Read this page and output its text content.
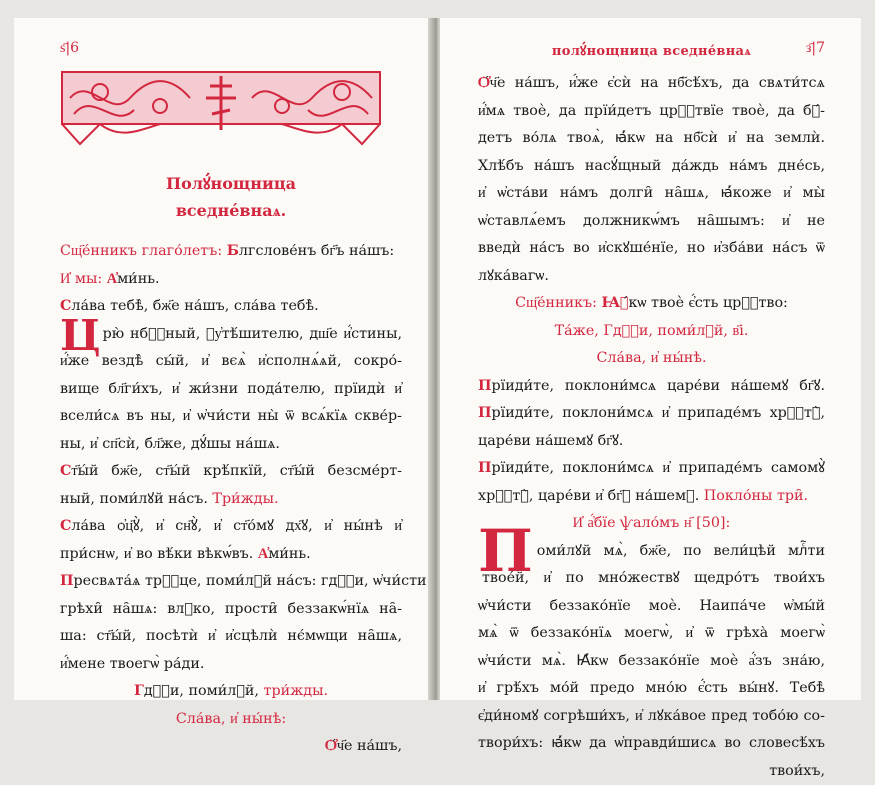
ѕ҃|6
Полꙋ́нощница
вседне́внаѧ.
Сщ҃е́нникъ глаго́летъ: Блгcлове́нъ бг҃ъ на́шъ:
И҆ мы: А҆ми́нь.
Сла́ва тебѣ̀, бж҃е на́шъ, сла́ва тебѣ̀.
Црю̀ нбⷭ҇ный, ᲂу҆тѣ́шителю, дш҃е и҆́стины,
и҆́же вездѣ̀ сы́й, и҆ вєѧ̀ и҆сполнѧ́ѧй, сокро́-
вище бл҃ги́хъ, и҆ жи́зни пода́телю, прїидѝ и҆
всели́сѧ въ ны, и҆ ѡ҆чи́сти ны̀ ѿ всѧ́кїѧ скве́р-
ны, и҆ сп҃сѝ, бл҃же, дꙋ́шы на́шѧ.
Ст҃ы́й бж҃е, ст҃ы́й крѣ́пкїй, ст҃ы́й безсме́рт-
ный, поми́лꙋй на́съ. Три́жды.
Сла́ва ѻ҆ц҃ꙋ̀, и҆ сн҃ꙋ̀, и҆ ст҃о́мꙋ дх҃ꙋ, и҆ ны́нѣ и҆
при́снѡ, и҆ во вѣ́ки вѣкѡ́въ. А҆ми́нь.
Пресвѧта́ѧ трⷪ҇це, поми́лꙋй на́съ: гдⷭ҇и, ѡ҆чи́сти
грѣхи̑ на̑шѧ: влⷣко, прости̑ беззакѡ́нїѧ на̑-
ша: ст҃ы́й, посѣтѝ и҆ и҆сцѣлѝ нє́мѡщи на̑шѧ,
и҆́мене твоегѡ̀ ра́ди.
Гдⷭ҇и, поми́лꙋй, три́жды.
Сла́ва, и҆ ны́нѣ:
Ѻ҆́ч҃е на́шъ,
полꙋ́нощница вседне́внаѧ	з҃|7
Ѻ҆́ч҃е на́шъ, и҆́же є҆сѝ на нб҃сѣ́хъ, да свѧти́тсѧ
и҆́мѧ твоѐ, да прїи́детъ црⷭ҇твїе твоѐ, да бꙋ́-
детъ во́лѧ твоѧ̀, ꙗ҆́кѡ на нб҃сѝ и҆ на землѝ.
Хлѣ́бъ на́шъ насꙋ́щный да́ждь на́мъ дне́сь,
и҆ ѡ҆ста́ви на́мъ долги̑ на̑шѧ, ꙗ҆́коже и҆ мы̀
ѡ҆ставлѧ́емъ должникѡ́мъ на̑шымъ: и҆ не
введѝ на́съ во и҆скꙋше́нїе, но и҆зба́ви на́съ ѿ
лꙋка́вагѡ.
Сщ҃е́нникъ: Ꙗ҆́кѡ твоѐ є҆́сть црⷭ҇тво:
Та́же, Гдⷭ҇и, поми́лꙋй, в҃і.
Сла́ва, и҆ ны́нѣ.
Прїиди́те, поклони́мсѧ царе́ви на́шемꙋ бг҃ꙋ.
Прїиди́те, поклони́мсѧ и҆ припаде́мъ хрⷭ҇тꙋ̀,
царе́ви на́шемꙋ бг҃ꙋ.
Прїиди́те, поклони́мсѧ и҆ припаде́мъ самомꙋ̀
хрⷭ҇тꙋ̀, царе́ви и҆ бг҃ꙋ на́шемꙋ. Покло́ны три̑.
И҆ а҆́бїе ѱало́мъ н҃ [50]:
Поми́лꙋй мѧ̀, бж҃е, по вели́цѣй млⷭ҇ти
твое́й, и҆ по мно́жествꙋ щедро́тъ твои́хъ
ѡ҆чи́сти беззако́нїе моѐ. Наипа́че ѡ҆мы́й
мѧ̀ ѿ беззако́нїѧ моегѡ̀, и҆ ѿ грѣха̀ моегѡ̀
ѡ҆чи́сти мѧ̀. Ꙗ҆́кѡ беззако́нїе моѐ а҆́зъ зна́ю,
и҆ грѣ́хъ мо́й предо мно́ю є҆́сть вы́нꙋ. Тебѣ̀
є҆ди́номꙋ согрѣши́хъ, и҆ лꙋка́вое пред тобо́ю со-
твори́хъ: ꙗ҆́кѡ да ѡ҆правди́шисѧ во словесѣ́хъ
твои́хъ,
